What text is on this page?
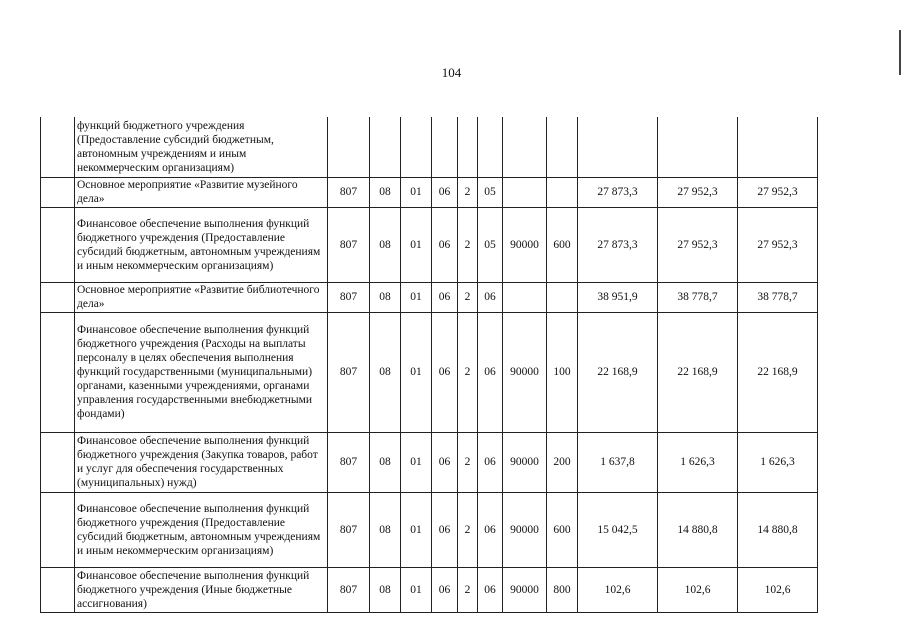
104
	функций бюджетного учреждения (Предоставление субсидий бюджетным, автономным учреждениям и иным некоммерческим организациям)											
	Основное мероприятие «Развитие музейного дела»	807	08	01	06	2	05			27 873,3	27 952,3	27 952,3
	Финансовое обеспечение выполнения функций бюджетного учреждения (Предоставление субсидий бюджетным, автономным учреждениям и иным некоммерческим организациям)	807	08	01	06	2	05	90000	600	27 873,3	27 952,3	27 952,3
	Основное мероприятие «Развитие библиотечного дела»	807	08	01	06	2	06			38 951,9	38 778,7	38 778,7
	Финансовое обеспечение выполнения функций бюджетного учреждения (Расходы на выплаты персоналу в целях обеспечения выполнения функций государственными (муниципальными) органами, казенными учреждениями, органами управления государственными внебюджетными фондами)	807	08	01	06	2	06	90000	100	22 168,9	22 168,9	22 168,9
	Финансовое обеспечение выполнения функций бюджетного учреждения (Закупка товаров, работ и услуг для обеспечения государственных (муниципальных) нужд)	807	08	01	06	2	06	90000	200	1 637,8	1 626,3	1 626,3
	Финансовое обеспечение выполнения функций бюджетного учреждения (Предоставление субсидий бюджетным, автономным учреждениям и иным некоммерческим организациям)	807	08	01	06	2	06	90000	600	15 042,5	14 880,8	14 880,8
	Финансовое обеспечение выполнения функций бюджетного учреждения (Иные бюджетные ассигнования)	807	08	01	06	2	06	90000	800	102,6	102,6	102,6
